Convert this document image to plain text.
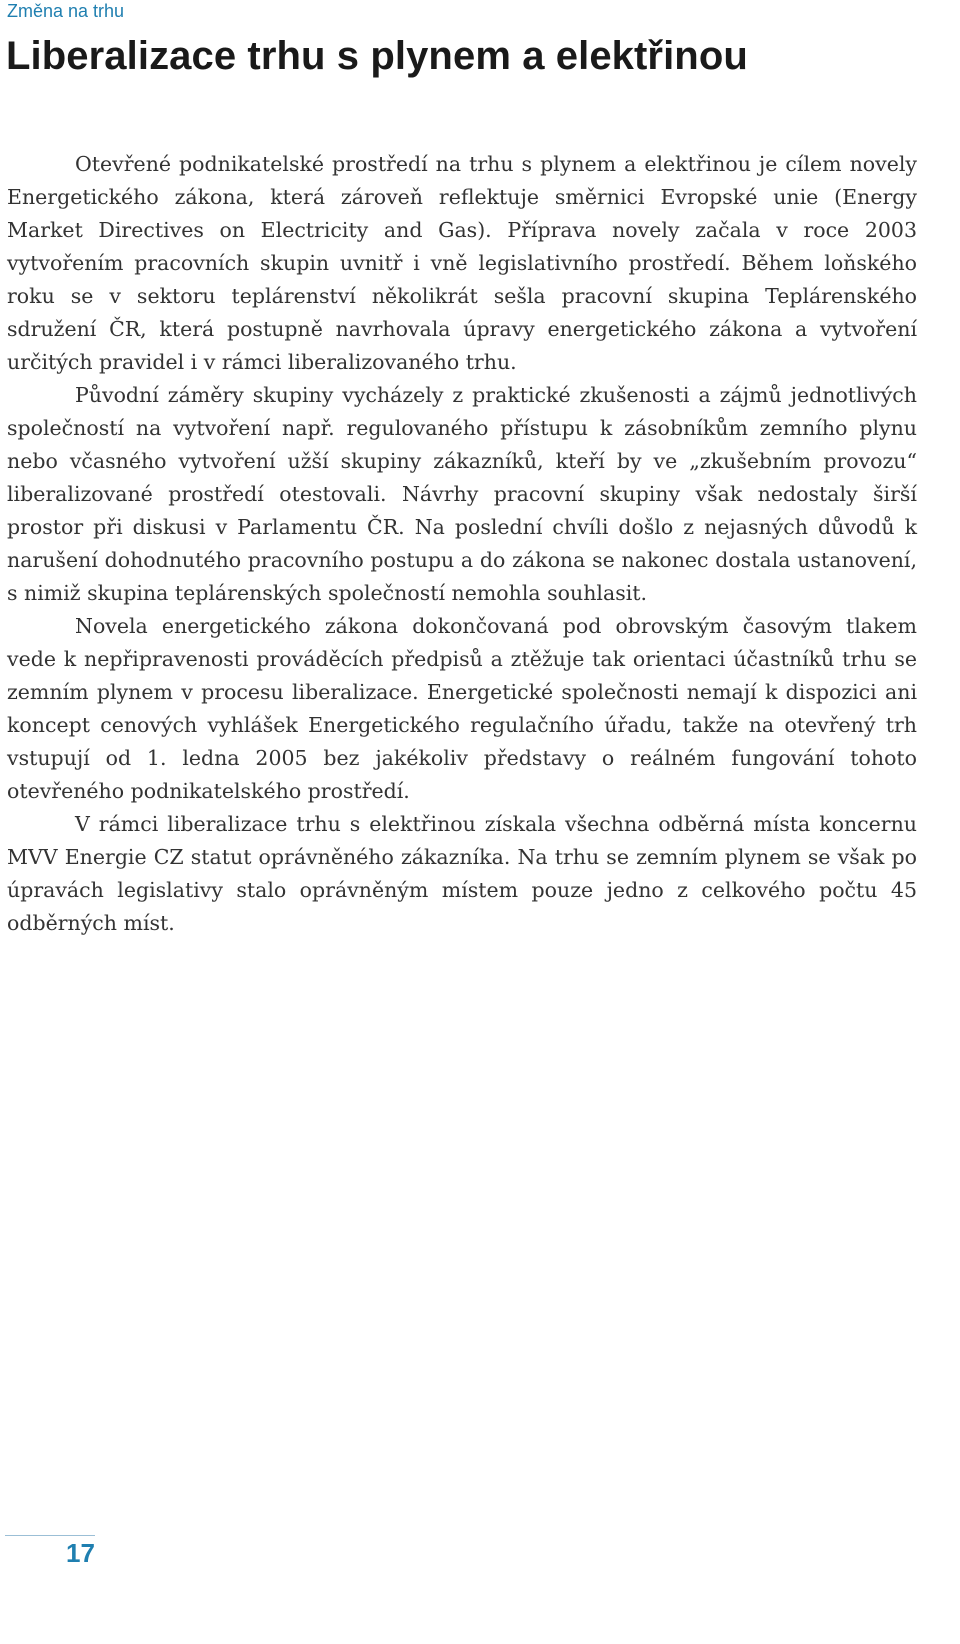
Změna na trhu
Liberalizace trhu s plynem a elektřinou

Otevřené podnikatelské prostředí na trhu s plynem a elektřinou je cílem novely Energetického zákona, která zároveň reflektuje směrnici Evropské unie (Energy Market Directives on Electricity and Gas). Příprava novely začala v roce 2003 vytvořením pracovních skupin uvnitř i vně legislativního prostředí. Během loňského roku se v sektoru teplárenství několikrát sešla pracovní skupina Teplárenského sdružení ČR, která postupně navrhovala úpravy energetického zákona a vytvoření určitých pravidel i v rámci liberalizovaného trhu.

Původní záměry skupiny vycházely z praktické zkušenosti a zájmů jednotlivých společností na vytvoření např. regulovaného přístupu k zásobníkům zemního plynu nebo včasného vytvoření užší skupiny zákazníků, kteří by ve „zkušebním provozu“ liberalizované prostředí otestovali. Návrhy pracovní skupiny však nedostaly širší prostor při diskusi v Parlamentu ČR. Na poslední chvíli došlo z nejasných důvodů k narušení dohodnutého pracovního postupu a do zákona se nakonec dostala ustanovení, s nimiž skupina teplárenských společností nemohla souhlasit.

Novela energetického zákona dokončovaná pod obrovským časovým tlakem vede k nepřipravenosti prováděcích předpisů a ztěžuje tak orientaci účastníků trhu se zemním plynem v procesu liberalizace. Energetické společnosti nemají k dispozici ani koncept cenových vyhlášek Energetického regulačního úřadu, takže na otevřený trh vstupují od 1. ledna 2005 bez jakékoliv představy o reálném fungování tohoto otevřeného podnikatelského prostředí.

V rámci liberalizace trhu s elektřinou získala všechna odběrná místa koncernu MVV Energie CZ statut oprávněného zákazníka. Na trhu se zemním plynem se však po úpravách legislativy stalo oprávněným místem pouze jedno z celkového počtu 45 odběrných míst.

17
